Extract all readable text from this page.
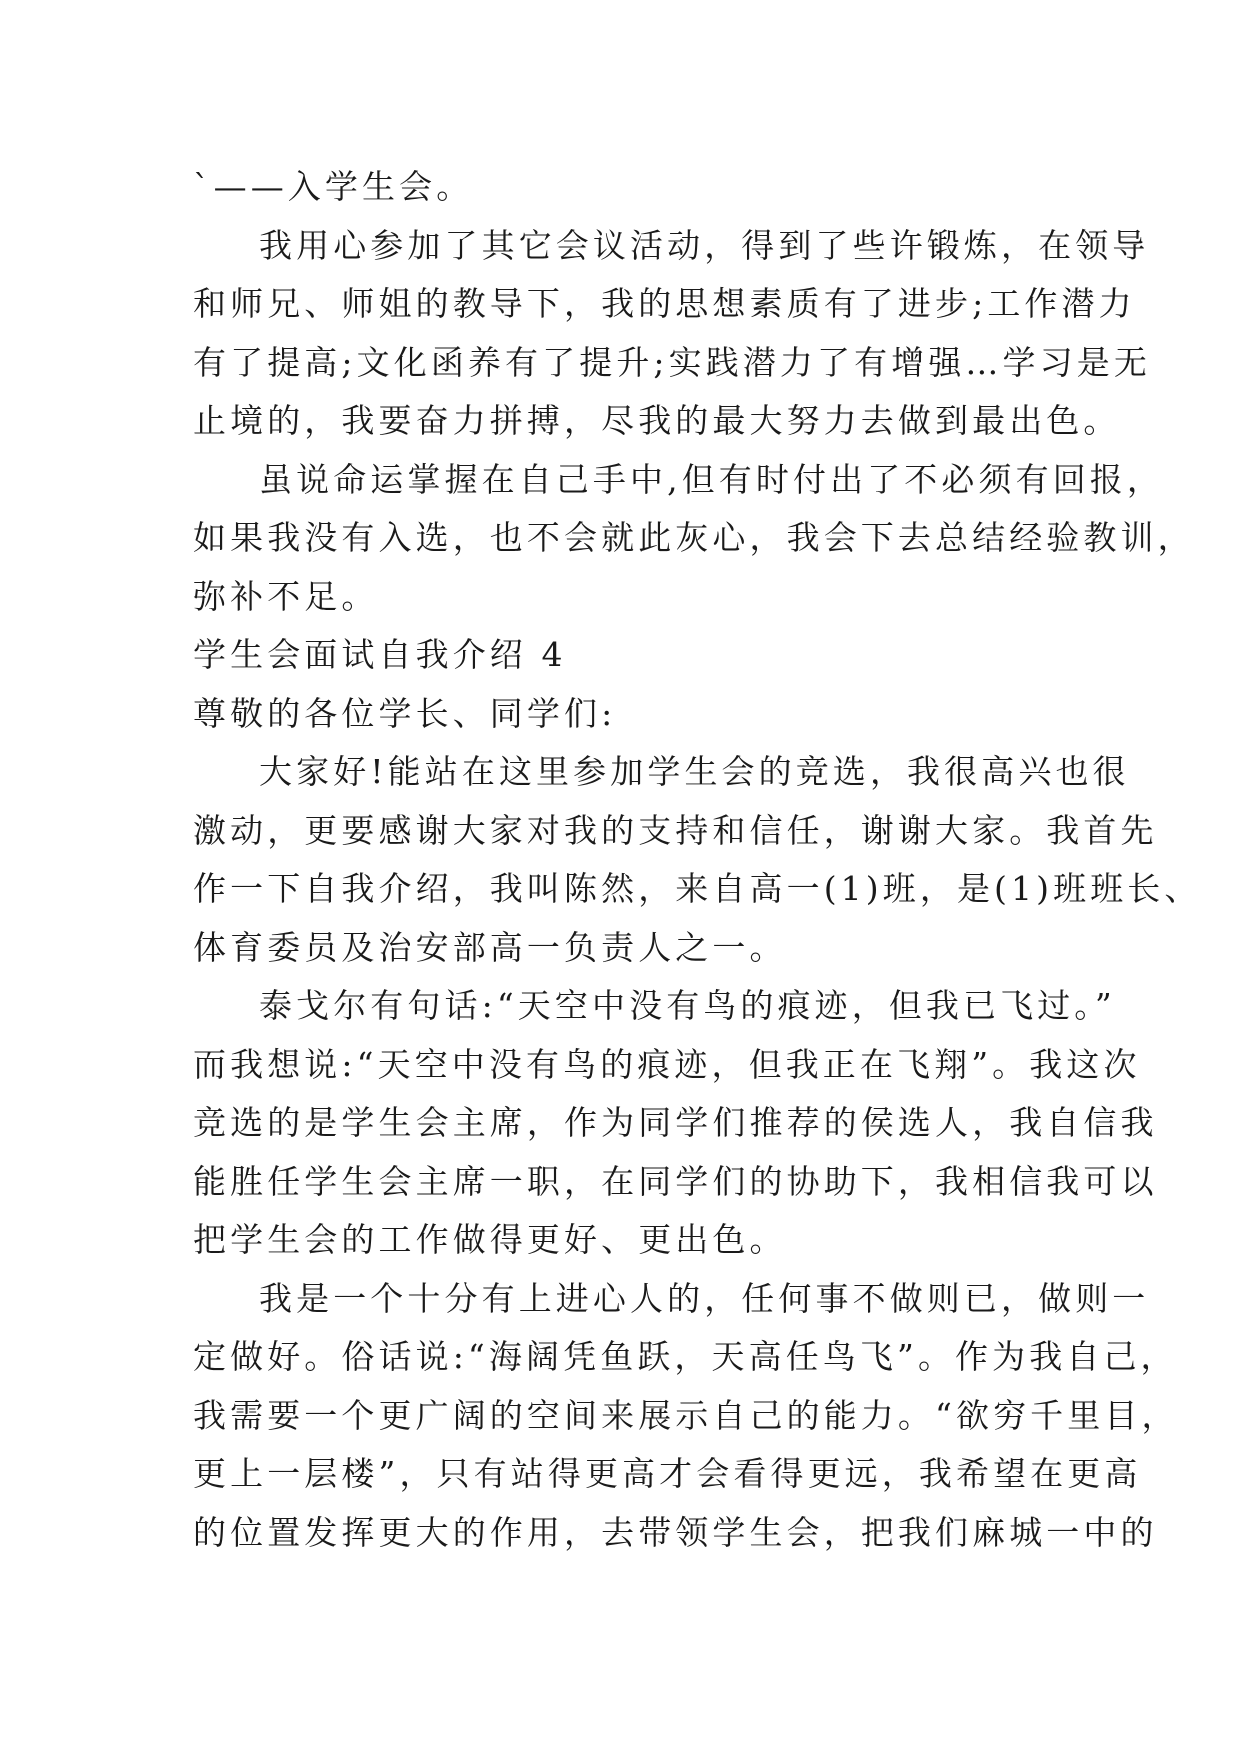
`——入学生会。
我用心参加了其它会议活动，得到了些许锻炼，在领导
和师兄、师姐的教导下，我的思想素质有了进步;工作潜力
有了提高;文化函养有了提升;实践潜力了有增强…学习是无
止境的，我要奋力拼搏，尽我的最大努力去做到最出色。
虽说命运掌握在自己手中,但有时付出了不必须有回报，
如果我没有入选，也不会就此灰心，我会下去总结经验教训，
弥补不足。
学生会面试自我介绍 4
尊敬的各位学长、同学们:
大家好!能站在这里参加学生会的竞选，我很高兴也很
激动，更要感谢大家对我的支持和信任，谢谢大家。我首先
作一下自我介绍，我叫陈然，来自高一(1)班，是(1)班班长、
体育委员及治安部高一负责人之一。
泰戈尔有句话:“天空中没有鸟的痕迹，但我已飞过。”
而我想说:“天空中没有鸟的痕迹，但我正在飞翔”。我这次
竞选的是学生会主席，作为同学们推荐的侯选人，我自信我
能胜任学生会主席一职，在同学们的协助下，我相信我可以
把学生会的工作做得更好、更出色。
我是一个十分有上进心人的，任何事不做则已，做则一
定做好。俗话说:“海阔凭鱼跃，天高任鸟飞”。作为我自己，
我需要一个更广阔的空间来展示自己的能力。“欲穷千里目，
更上一层楼”，只有站得更高才会看得更远，我希望在更高
的位置发挥更大的作用，去带领学生会，把我们麻城一中的
